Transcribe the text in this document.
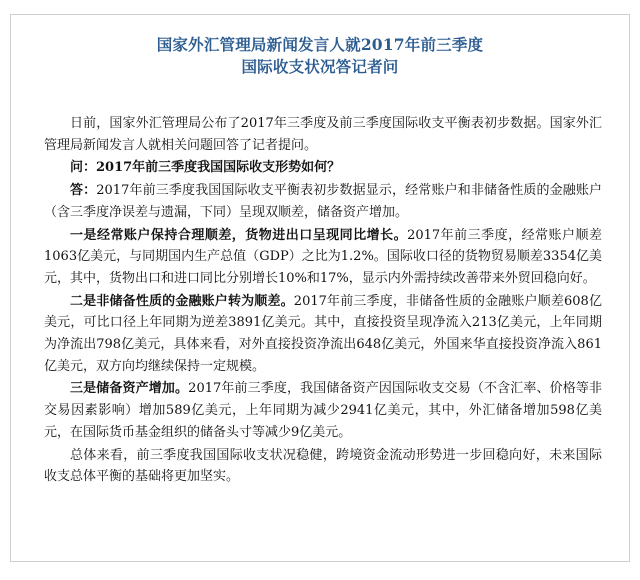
国家外汇管理局新闻发言人就2017年前三季度
国际收支状况答记者问

日前，国家外汇管理局公布了2017年三季度及前三季度国际收支平衡表初步数据。国家外汇管理局新闻发言人就相关问题回答了记者提问。

问：2017年前三季度我国国际收支形势如何？

答：2017年前三季度我国国际收支平衡表初步数据显示，经常账户和非储备性质的金融账户（含三季度净误差与遗漏，下同）呈现双顺差，储备资产增加。

一是经常账户保持合理顺差，货物进出口呈现同比增长。2017年前三季度，经常账户顺差1063亿美元，与同期国内生产总值（GDP）之比为1.2%。国际收口径的货物贸易顺差3354亿美元，其中，货物出口和进口同比分别增长10%和17%，显示内外需持续改善带来外贸回稳向好。

二是非储备性质的金融账户转为顺差。2017年前三季度，非储备性质的金融账户顺差608亿美元，可比口径上年同期为逆差3891亿美元。其中，直接投资呈现净流入213亿美元，上年同期为净流出798亿美元，具体来看，对外直接投资净流出648亿美元，外国来华直接投资净流入861亿美元，双方向均继续保持一定规模。

三是储备资产增加。2017年前三季度，我国储备资产因国际收支交易（不含汇率、价格等非交易因素影响）增加589亿美元，上年同期为减少2941亿美元，其中，外汇储备增加598亿美元，在国际货币基金组织的储备头寸等减少9亿美元。

总体来看，前三季度我国国际收支状况稳健，跨境资金流动形势进一步回稳向好，未来国际收支总体平衡的基础将更加坚实。
